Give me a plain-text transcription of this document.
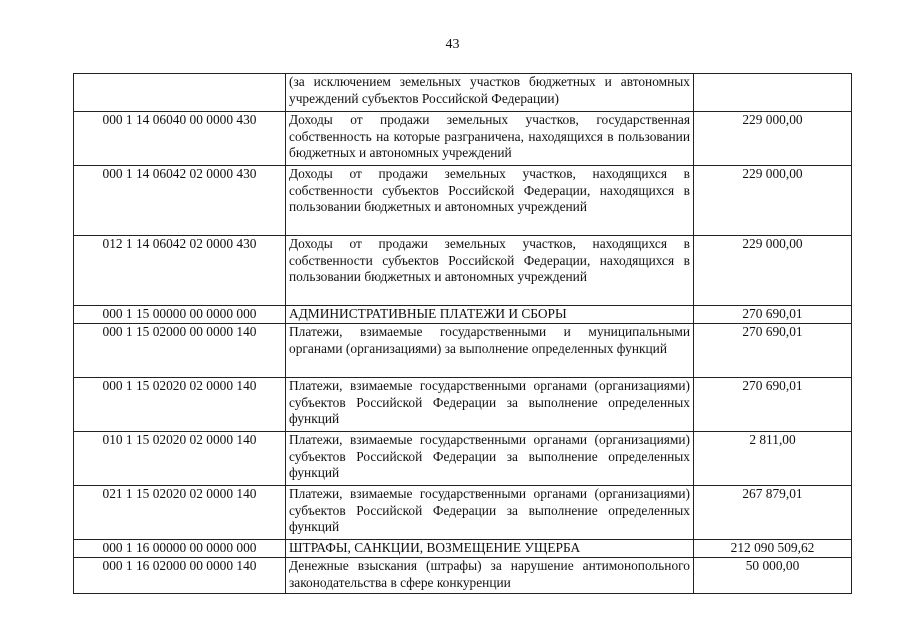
43
	(за исключением земельных участков бюджетных и автономных учреждений субъектов Российской Федерации)	
000 1 14 06040 00 0000 430	Доходы от продажи земельных участков, государственная собственность на которые разграничена, находящихся в пользовании бюджетных и автономных учреждений	229 000,00
000 1 14 06042 02 0000 430	Доходы от продажи земельных участков, находящихся в собственности субъектов Российской Федерации, находящихся в пользовании бюджетных и автономных учреждений	229 000,00
012 1 14 06042 02 0000 430	Доходы от продажи земельных участков, находящихся в собственности субъектов Российской Федерации, находящихся в пользовании бюджетных и автономных учреждений	229 000,00
000 1 15 00000 00 0000 000	АДМИНИСТРАТИВНЫЕ ПЛАТЕЖИ И СБОРЫ	270 690,01
000 1 15 02000 00 0000 140	Платежи, взимаемые государственными и муниципальными органами (организациями) за выполнение определенных функций	270 690,01
000 1 15 02020 02 0000 140	Платежи, взимаемые государственными органами (организациями) субъектов Российской Федерации за выполнение определенных функций	270 690,01
010 1 15 02020 02 0000 140	Платежи, взимаемые государственными органами (организациями) субъектов Российской Федерации за выполнение определенных функций	2 811,00
021 1 15 02020 02 0000 140	Платежи, взимаемые государственными органами (организациями) субъектов Российской Федерации за выполнение определенных функций	267 879,01
000 1 16 00000 00 0000 000	ШТРАФЫ, САНКЦИИ, ВОЗМЕЩЕНИЕ УЩЕРБА	212 090 509,62
000 1 16 02000 00 0000 140	Денежные взыскания (штрафы) за нарушение антимонопольного законодательства в сфере конкуренции	50 000,00
